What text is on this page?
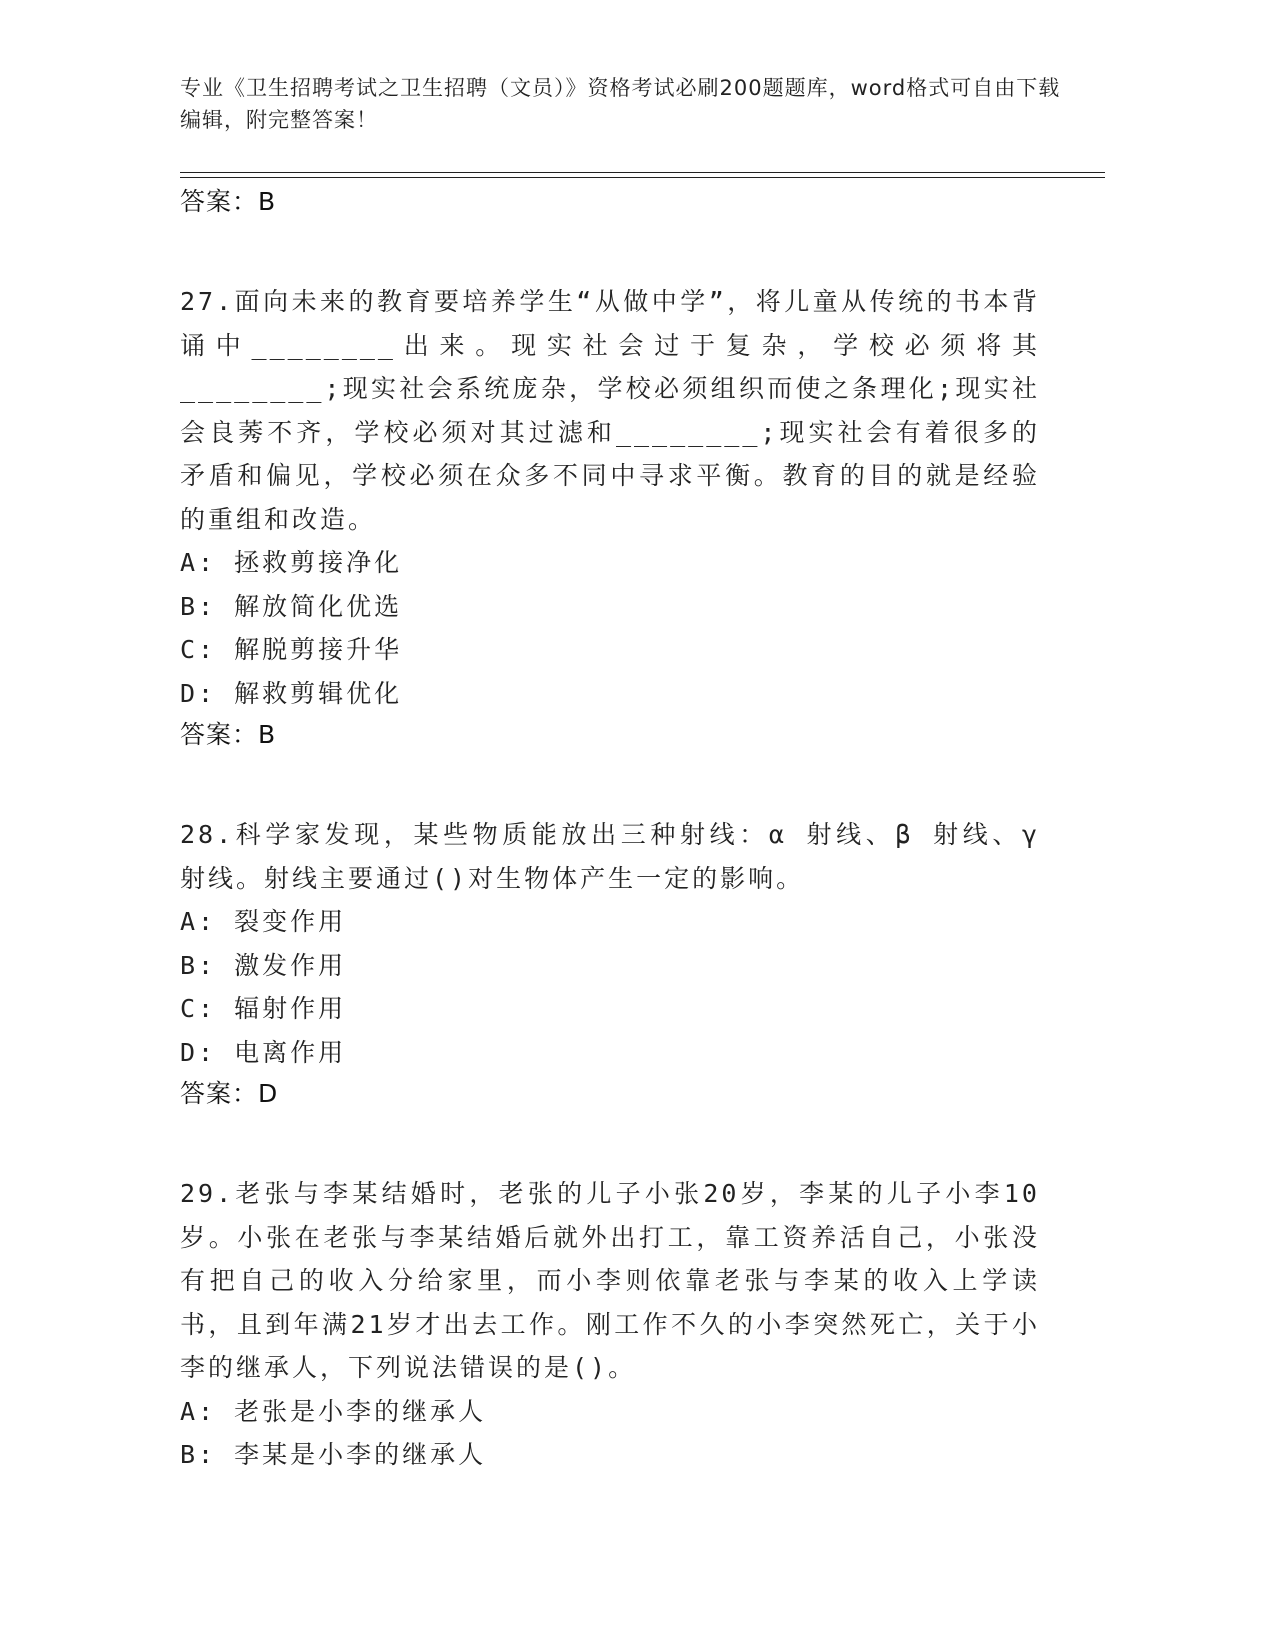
专业《卫生招聘考试之卫生招聘（文员）》资格考试必刷200题题库，word格式可自由下载编辑，附完整答案！

答案：B

27.面向未来的教育要培养学生“从做中学”，将儿童从传统的书本背诵中________出来。现实社会过于复杂，学校必须将其________;现实社会系统庞杂，学校必须组织而使之条理化;现实社会良莠不齐，学校必须对其过滤和________;现实社会有着很多的矛盾和偏见，学校必须在众多不同中寻求平衡。教育的目的就是经验的重组和改造。

A: 拯救剪接净化

B: 解放简化优选

C: 解脱剪接升华

D: 解救剪辑优化

答案：B

28.科学家发现，某些物质能放出三种射线：α 射线、β 射线、γ 射线。射线主要通过()对生物体产生一定的影响。

A: 裂变作用

B: 激发作用

C: 辐射作用

D: 电离作用

答案：D

29.老张与李某结婚时，老张的儿子小张20岁，李某的儿子小李10岁。小张在老张与李某结婚后就外出打工，靠工资养活自己，小张没有把自己的收入分给家里，而小李则依靠老张与李某的收入上学读书，且到年满21岁才出去工作。刚工作不久的小李突然死亡，关于小李的继承人，下列说法错误的是()。

A: 老张是小李的继承人

B: 李某是小李的继承人
